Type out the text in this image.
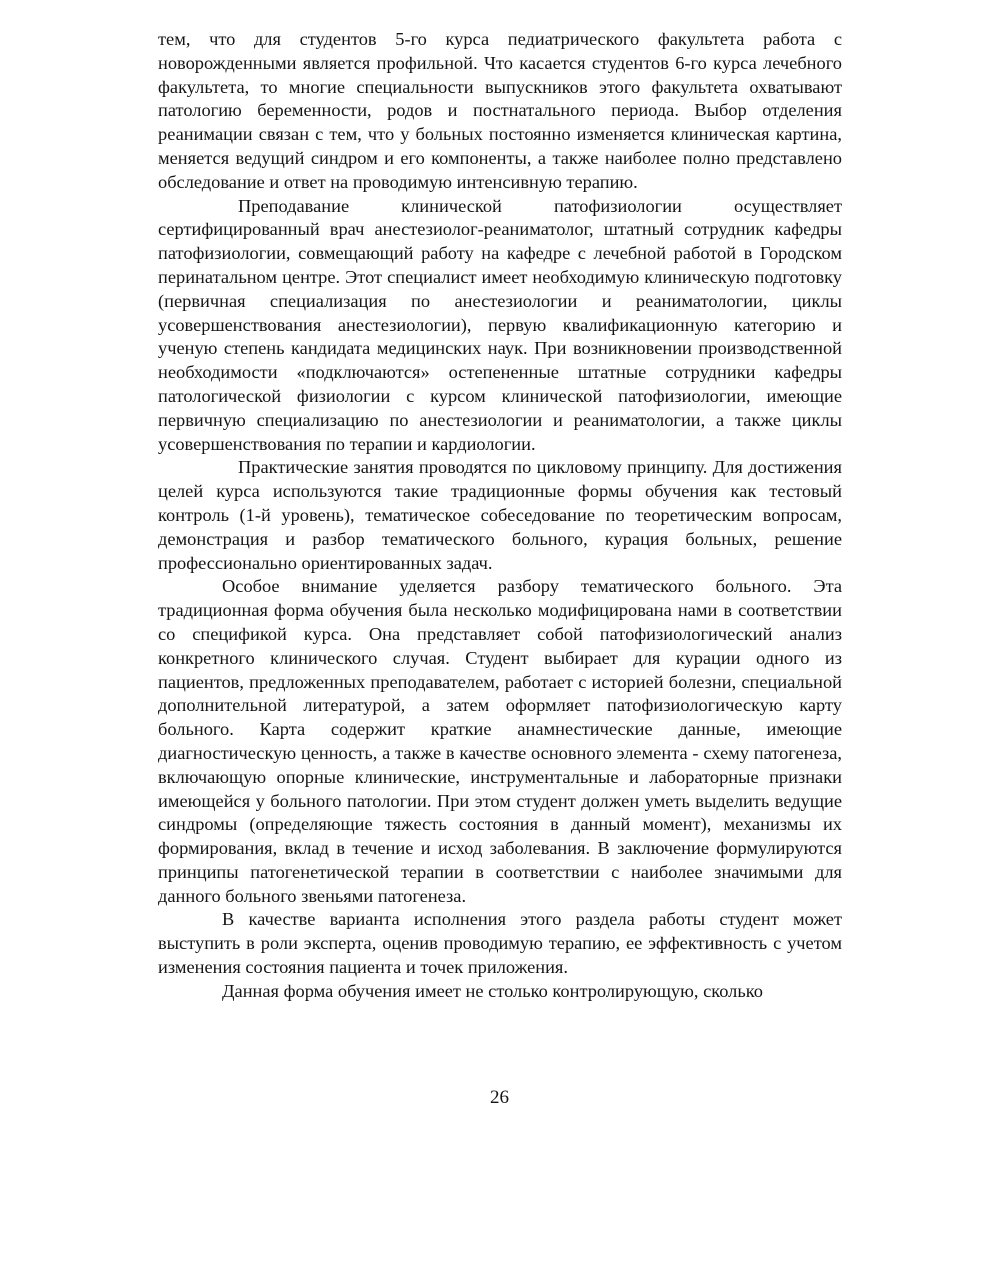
тем, что для студентов 5-го курса педиатрического факультета работа с новорожденными является профильной. Что касается студентов 6-го курса лечебного факультета, то многие специальности выпускников этого факультета охватывают патологию беременности, родов и постнатального периода. Выбор отделения реанимации связан с тем, что у больных постоянно изменяется клиническая картина, меняется ведущий синдром и его компоненты, а также наиболее полно представлено обследование и ответ на проводимую интенсивную терапию.

Преподавание клинической патофизиологии осуществляет сертифицированный врач анестезиолог-реаниматолог, штатный сотрудник кафедры патофизиологии, совмещающий работу на кафедре с лечебной работой в Городском перинатальном центре. Этот специалист имеет необходимую клиническую подготовку (первичная специализация по анестезиологии и реаниматологии, циклы усовершенствования анестезиологии), первую квалификационную категорию и ученую степень кандидата медицинских наук. При возникновении производственной необходимости «подключаются» остепененные штатные сотрудники кафедры патологической физиологии с курсом клинической патофизиологии, имеющие первичную специализацию по анестезиологии и реаниматологии, а также циклы усовершенствования по терапии и кардиологии.

Практические занятия проводятся по цикловому принципу. Для достижения целей курса используются такие традиционные формы обучения как тестовый контроль (1-й уровень), тематическое собеседование по теоретическим вопросам, демонстрация и разбор тематического больного, курация больных, решение профессионально ориентированных задач.

Особое внимание уделяется разбору тематического больного. Эта традиционная форма обучения была несколько модифицирована нами в соответствии со спецификой курса. Она представляет собой патофизиологический анализ конкретного клинического случая. Студент выбирает для курации одного из пациентов, предложенных преподавателем, работает с историей болезни, специальной дополнительной литературой, а затем оформляет патофизиологическую карту больного. Карта содержит краткие анамнестические данные, имеющие диагностическую ценность, а также в качестве основного элемента - схему патогенеза, включающую опорные клинические, инструментальные и лабораторные признаки имеющейся у больного патологии. При этом студент должен уметь выделить ведущие синдромы (определяющие тяжесть состояния в данный момент), механизмы их формирования, вклад в течение и исход заболевания. В заключение формулируются принципы патогенетической терапии в соответствии с наиболее значимыми для данного больного звеньями патогенеза.

В качестве варианта исполнения этого раздела работы студент может выступить в роли эксперта, оценив проводимую терапию, ее эффективность с учетом изменения состояния пациента и точек приложения.

Данная форма обучения имеет не столько контролирующую, сколько

26
